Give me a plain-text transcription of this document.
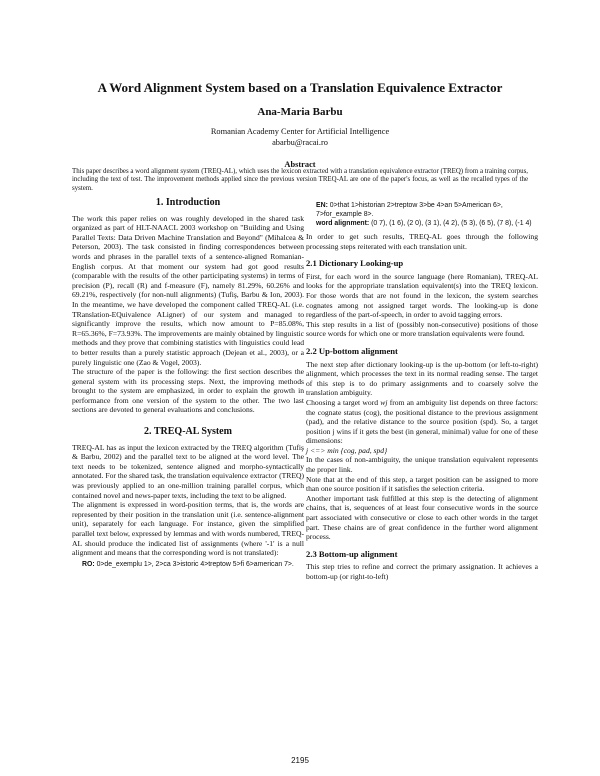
A Word Alignment System based on a Translation Equivalence Extractor
Ana-Maria Barbu
Romanian Academy Center for Artificial Intelligence
abarbu@racai.ro
Abstract
This paper describes a word alignment system (TREQ-AL), which uses the lexicon extracted with a translation equivalence extractor (TREQ) from a training corpus, including the text of test. The improvement methods applied since the previous version TREQ-AL are one of the paper's focus, as well as the recalled types of the system.
1. Introduction

The work this paper relies on was roughly developed in the shared task organized as part of HLT-NAACL 2003 workshop on "Building and Using Parallel Texts: Data Driven Machine Translation and Beyond" (Mihalcea & Peterson, 2003). The task consisted in finding correspondences between words and phrases in the parallel texts of a sentence-aligned Romanian-English corpus. At that moment our system had got good results (comparable with the results of the other participating systems) in terms of precision (P), recall (R) and f-measure (F), namely 81.29%, 60.26% and 69.21%, respectively (for non-null alignments) (Tufiş, Barbu & Ion, 2003). In the meantime, we have developed the component called TREQ-AL (i.e. TRanslation-EQuivalence ALigner) of our system and managed to significantly improve the results, which now amount to P=85.08%, R=65.36%, F=73.93%. The improvements are mainly obtained by linguistic methods and they prove that combining statistics with linguistics could lead to better results than a purely statistic approach (Dejean et al., 2003), or a purely linguistic one (Zao & Vogel, 2003).

The structure of the paper is the following: the first section describes the general system with its processing steps. Next, the improving methods brought to the system are emphasized, in order to explain the growth in performance from one version of the system to the other. The two last sections are devoted to general evaluations and conclusions.

2. TREQ-AL System

TREQ-AL has as input the lexicon extracted by the TREQ algorithm (Tufiş & Barbu, 2002) and the parallel text to be aligned at the word level. The text needs to be tokenized, sentence aligned and morpho-syntactically annotated. For the shared task, the translation equivalence extractor (TREQ) was previously applied to an one-million training parallel corpus, which contained novel and news-paper texts, including the text to be aligned.

The alignment is expressed in word-position terms, that is, the words are represented by their position in the translation unit (i.e. sentence-alignment unit), separately for each language. For instance, given the simplified parallel text below, expressed by lemmas and with words numbered, TREQ-AL should produce the indicated list of assignments (where '-1' is a null alignment and means that the corresponding word is not translated):

RO: 0>de_exemplu 1>, 2>ca 3>istoric 4>treptow 5>fi 6>american 7>.
EN: 0>that 1>historian 2>treptow 3>be 4>an 5>American 6>, 7>for_example 8>.
word alignment: (0 7), (1 6), (2 0), (3 1), (4 2), (5 3), (6 5), (7 8), (-1 4)

In order to get such results, TREQ-AL goes through the following processing steps reiterated with each translation unit.

2.1 Dictionary Looking-up

First, for each word in the source language (here Romanian), TREQ-AL looks for the appropriate translation equivalent(s) into the TREQ lexicon. For those words that are not found in the lexicon, the system searches cognates among not assigned target words. The looking-up is done regardless of the part-of-speech, in order to avoid tagging errors.

This step results in a list of (possibly non-consecutive) positions of those source words for which one or more translation equivalents were found.

2.2 Up-bottom alignment

The next step after dictionary looking-up is the up-bottom (or left-to-right) alignment, which processes the text in its normal reading sense. The target of this step is to do primary assignments and to coarsely solve the translation ambiguity.

Choosing a target word wj from an ambiguity list depends on three factors: the cognate status (cog), the positional distance to the previous assignment (pad), and the relative distance to the source position (spd). So, a target position j wins if it gets the best (in general, minimal) value for one of these dimensions:

j <=> min {cog, pad, spd}

In the cases of non-ambiguity, the unique translation equivalent represents the proper link.

Note that at the end of this step, a target position can be assigned to more than one source position if it satisfies the selection criteria.

Another important task fulfilled at this step is the detecting of alignment chains, that is, sequences of at least four consecutive words in the source part associated with consecutive or close to each other words in the target part. These chains are of great confidence in the further word alignment process.

2.3 Bottom-up alignment

This step tries to refine and correct the primary assignation. It achieves a bottom-up (or right-to-left)

2195
